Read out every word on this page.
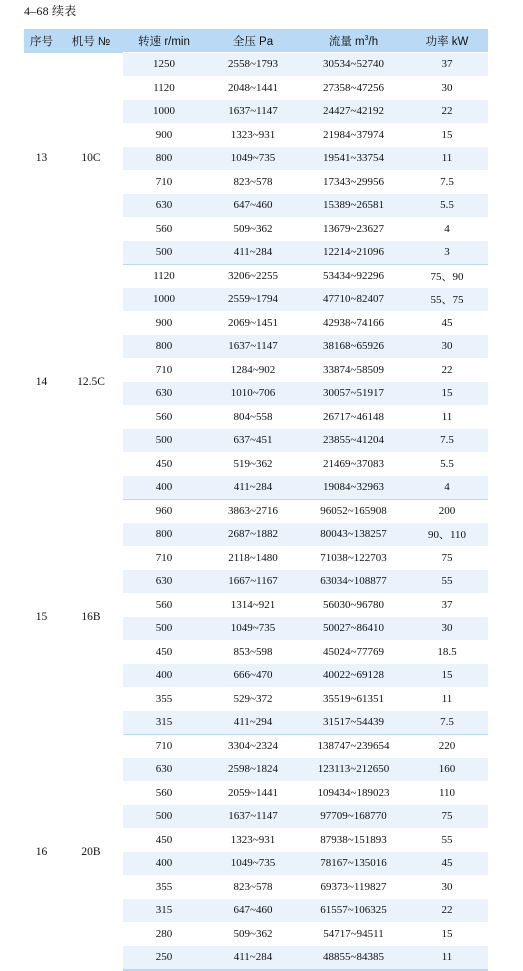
4–68 续表
序号	机号 №	转速 r/min	全压 Pa	流量 $m^3/h$	功率 kW
13	10C	1250	2558~1793	30534~52740	37
		1120	2048~1441	27358~47256	30
		1000	1637~1147	24427~42192	22
		900	1323~931	21984~37974	15
		800	1049~735	19541~33754	11
		710	823~578	17343~29956	7.5
		630	647~460	15389~26581	5.5
		560	509~362	13679~23627	4
		500	411~284	12214~21096	3
14	12.5C	1120	3206~2255	53434~92296	75、90
		1000	2559~1794	47710~82407	55、75
		900	2069~1451	42938~74166	45
		800	1637~1147	38168~65926	30
		710	1284~902	33874~58509	22
		630	1010~706	30057~51917	15
		560	804~558	26717~46148	11
		500	637~451	23855~41204	7.5
		450	519~362	21469~37083	5.5
		400	411~284	19084~32963	4
15	16B	960	3863~2716	96052~165908	200
		800	2687~1882	80043~138257	90、110
		710	2118~1480	71038~122703	75
		630	1667~1167	63034~108877	55
		560	1314~921	56030~96780	37
		500	1049~735	50027~86410	30
		450	853~598	45024~77769	18.5
		400	666~470	40022~69128	15
		355	529~372	35519~61351	11
		315	411~294	31517~54439	7.5
16	20B	710	3304~2324	138747~239654	220
		630	2598~1824	123113~212650	160
		560	2059~1441	109434~189023	110
		500	1637~1147	97709~168770	75
		450	1323~931	87938~151893	55
		400	1049~735	78167~135016	45
		355	823~578	69373~119827	30
		315	647~460	61557~106325	22
		280	509~362	54717~94511	15
		250	411~284	48855~84385	11
